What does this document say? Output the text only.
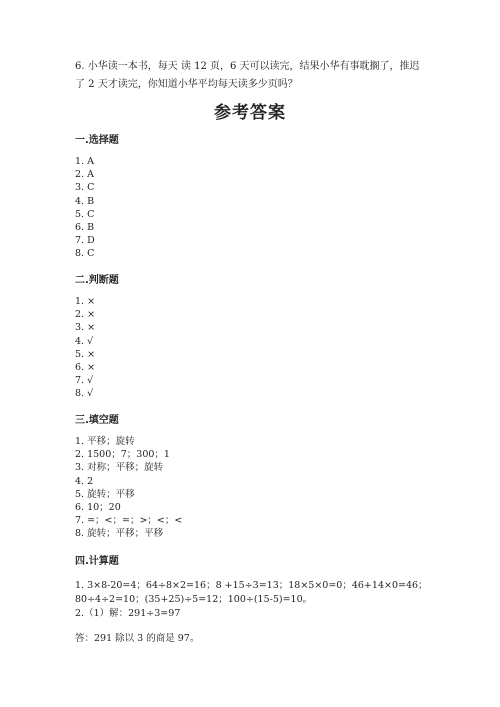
6. 小华读一本书，每天 读 12 页，6 天可以读完，结果小华有事耽搁了，推迟
了 2 天才读完，你知道小华平均每天读多少页吗？
参考答案
一.选择题
1. A
2. A
3. C
4. B
5. C
6. B
7. D
8. C
二.判断题
1. ×
2. ×
3. ×
4. √
5. ×
6. ×
7. √
8. √
三.填空题
1. 平移；旋转
2. 1500；7；300；1
3. 对称；平移；旋转
4. 2
5. 旋转；平移
6. 10；20
7. =；<；=；>；<；<
8. 旋转；平移；平移
四.计算题
1. 3×8-20=4；64÷8×2=16；8 +15÷3=13；18×5×0=0；46+14×0=46；
80÷4÷2=10；(35+25)÷5=12；100÷(15-5)=10。
2.（1）解：291÷3=97
答：291 除以 3 的商是 97。
